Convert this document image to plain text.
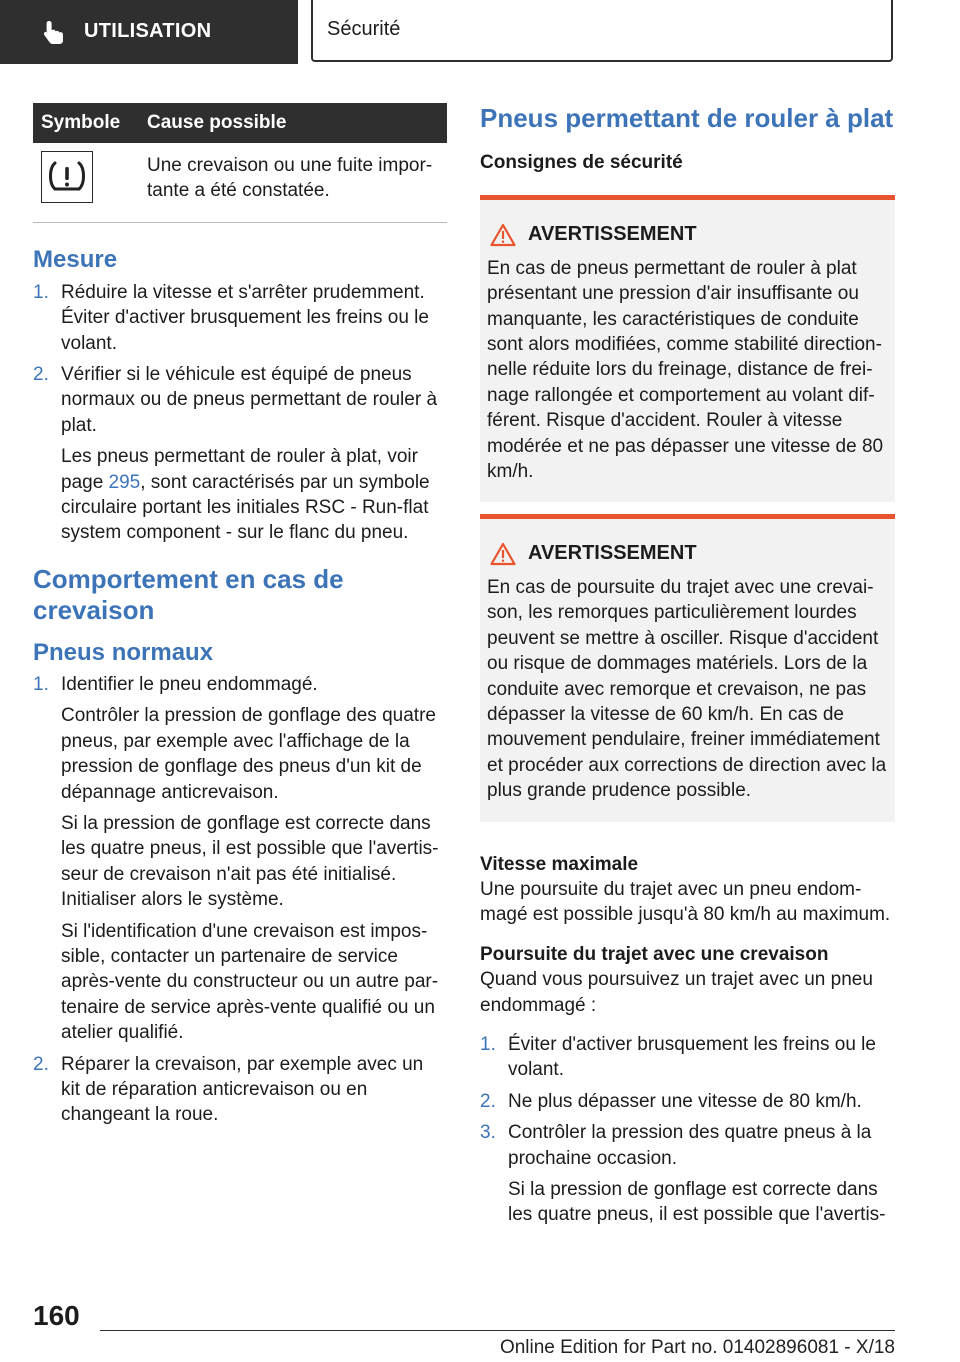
UTILISATION	Sécurité
Symbole	Cause possible

	Une crevaison ou une fuite importante a été constatée.
Mesure
1. Réduire la vitesse et s'arrêter prudemment. Éviter d'activer brusquement les freins ou le volant.

2. Vérifier si le véhicule est équipé de pneus normaux ou de pneus permettant de rouler à plat.

Les pneus permettant de rouler à plat, voir page 295, sont caractérisés par un symbole circulaire portant les initiales RSC - Run-flat system component - sur le flanc du pneu.

Comportement en cas de crevaison
Pneus normaux
1. Identifier le pneu endommagé.

Contrôler la pression de gonflage des quatre pneus, par exemple avec l'affichage de la pression de gonflage des pneus d'un kit de dépannage anticrevaison.

Si la pression de gonflage est correcte dans les quatre pneus, il est possible que l'avertisseur de crevaison n'ait pas été initialisé. Initialiser alors le système.

Si l'identification d'une crevaison est impossible, contacter un partenaire de service après-vente du constructeur ou un autre partenaire de service après-vente qualifié ou un atelier qualifié.

2. Réparer la crevaison, par exemple avec un kit de réparation anticrevaison ou en changeant la roue.

Pneus permettant de rouler à plat
Consignes de sécurité
AVERTISSEMENT

En cas de pneus permettant de rouler à plat présentant une pression d'air insuffisante ou manquante, les caractéristiques de conduite sont alors modifiées, comme stabilité directionnelle réduite lors du freinage, distance de freinage rallongée et comportement au volant différent. Risque d'accident. Rouler à vitesse modérée et ne pas dépasser une vitesse de 80 km/h.

AVERTISSEMENT

En cas de poursuite du trajet avec une crevaison, les remorques particulièrement lourdes peuvent se mettre à osciller. Risque d'accident ou risque de dommages matériels. Lors de la conduite avec remorque et crevaison, ne pas dépasser la vitesse de 60 km/h. En cas de mouvement pendulaire, freiner immédiatement et procéder aux corrections de direction avec la plus grande prudence possible.

Vitesse maximale

Une poursuite du trajet avec un pneu endommagé est possible jusqu'à 80 km/h au maximum.

Poursuite du trajet avec une crevaison

Quand vous poursuivez un trajet avec un pneu endommagé :

1. Éviter d'activer brusquement les freins ou le volant.

2. Ne plus dépasser une vitesse de 80 km/h.

3. Contrôler la pression des quatre pneus à la prochaine occasion.

Si la pression de gonflage est correcte dans les quatre pneus, il est possible que l'avertis-

160
Online Edition for Part no. 01402896081 - X/18
